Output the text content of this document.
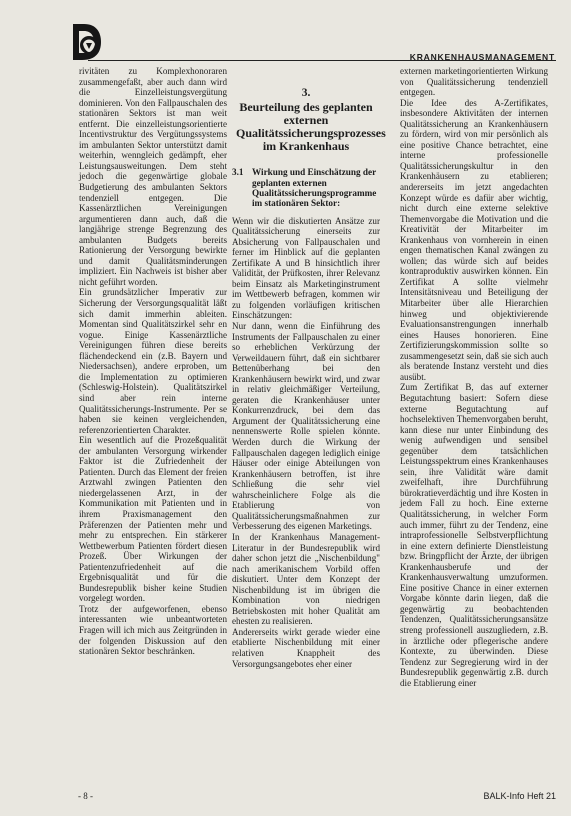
KRANKENHAUSMANAGEMENT

rivitäten zu Komplexhonoraren zusammengefaßt, aber auch dann wird die Einzelleistungsvergütung dominieren. Von den Fallpauschalen des stationären Sektors ist man weit entfernt. Die einzelleistungsorientierte Incentivstruktur des Vergütungssystems im ambulanten Sektor unterstützt damit weiterhin, wenngleich gedämpft, eher Leistungsausweitungen. Dem steht jedoch die gegenwärtige globale Budgetierung des ambulanten Sektors tendenziell entgegen. Die Kassenärztlichen Vereinigungen argumentieren dann auch, daß die langjährige strenge Begrenzung des ambulanten Budgets bereits Rationierung der Versorgung bewirkte und damit Qualitätsminderungen impliziert. Ein Nachweis ist bisher aber nicht geführt worden.

Ein grundsätzlicher Imperativ zur Sicherung der Versorgungsqualität läßt sich damit immerhin ableiten. Momentan sind Qualitätszirkel sehr en vogue. Einige Kassenärztliche Vereinigungen führen diese bereits flächendeckend ein (z.B. Bayern und Niedersachsen), andere erproben, um die Implementation zu optimieren (Schleswig-Holstein). Qualitätszirkel sind aber rein interne Qualitätssicherungs-Instrumente. Per se haben sie keinen vergleichenden, referenzorientierten Charakter.

Ein wesentlich auf die Prozeßqualität der ambulanten Versorgung wirkender Faktor ist die Zufriedenheit der Patienten. Durch das Element der freien Arztwahl zwingen Patienten den niedergelassenen Arzt, in der Kommunikation mit Patienten und in ihrem Praxismanagement den Präferenzen der Patienten mehr und mehr zu entsprechen. Ein stärkerer Wettbewerbum Patienten fördert diesen Prozeß. Über Wirkungen der Patientenzufriedenheit auf die Ergebnisqualität und für die Bundesrepublik bisher keine Studien vorgelegt worden.

Trotz der aufgeworfenen, ebenso interessanten wie unbeantworteten Fragen will ich mich aus Zeitgründen in der folgenden Diskussion auf den stationären Sektor beschränken.

3.
Beurteilung des geplanten externen Qualitätssicherungsprozesses im Krankenhaus
3.1 Wirkung und Einschätzung der geplanten externen Qualitätssicherungsprogramme im stationären Sektor:

Wenn wir die diskutierten Ansätze zur Qualitätssicherung einerseits zur Absicherung von Fallpauschalen und ferner im Hinblick auf die geplanten Zertifikate A und B hinsichtlich ihrer Validität, der Prüfkosten, ihrer Relevanz beim Einsatz als Marketinginstrument im Wettbewerb befragen, kommen wir zu folgenden vorläufigen kritischen Einschätzungen:

Nur dann, wenn die Einführung des Instruments der Fallpauschalen zu einer so erheblichen Verkürzung der Verweildauern führt, daß ein sichtbarer Bettenüberhang bei den Krankenhäusern bewirkt wird, und zwar in relativ gleichmäßiger Verteilung, geraten die Krankenhäuser unter Konkurrenzdruck, bei dem das Argument der Qualitätssicherung eine nennenswerte Rolle spielen könnte. Werden durch die Wirkung der Fallpauschalen dagegen lediglich einige Häuser oder einige Abteilungen von Krankenhäusern betroffen, ist ihre Schließung die sehr viel wahrscheinlichere Folge als die Etablierung von Qualitätssicherungsmaßnahmen zur Verbesserung des eigenen Marketings.

In der Krankenhaus Management-Literatur in der Bundesrepublik wird daher schon jetzt die „Nischenbildung" nach amerikanischem Vorbild offen diskutiert. Unter dem Konzept der Nischenbildung ist im übrigen die Kombination von niedrigen Betriebskosten mit hoher Qualität am ehesten zu realisieren.

Andererseits wirkt gerade wieder eine etablierte Nischenbildung mit einer relativen Knappheit des Versorgungsangebotes eher einer

externen marketingorientierten Wirkung von Qualitätssicherung tendenziell entgegen.

Die Idee des A-Zertifikates, insbesondere Aktivitäten der internen Qualitätssicherung an Krankenhäusern zu fördern, wird von mir persönlich als eine positive Chance betrachtet, eine interne professionelle Qualitätssicherungskultur in den Krankenhäusern zu etablieren; andererseits im jetzt angedachten Konzept würde es dafür aber wichtig, nicht durch eine externe selektive Themenvorgabe die Motivation und die Kreativität der Mitarbeiter im Krankenhaus von vornherein in einen engen thematischen Kanal zwängen zu wollen; das würde sich auf beides kontraproduktiv auswirken können. Ein Zertifikat A sollte vielmehr Intensitätsniveau und Beteiligung der Mitarbeiter über alle Hierarchien hinweg und objektivierende Evaluationsanstrengungen innerhalb eines Hauses honorieren. Eine Zertifizierungskommission sollte so zusammengesetzt sein, daß sie sich auch als beratende Instanz versteht und dies ausübt.

Zum Zertifikat B, das auf externer Begutachtung basiert: Sofern diese externe Begutachtung auf hochselektiven Themenvorgaben beruht, kann diese nur unter Einbindung des wenig aufwendigen und sensibel gegenüber dem tatsächlichen Leistungsspektrum eines Krankenhauses sein, ihre Validität wäre damit zweifelhaft, ihre Durchführung bürokratieverdächtig und ihre Kosten in jedem Fall zu hoch. Eine externe Qualitätssicherung, in welcher Form auch immer, führt zu der Tendenz, eine intraprofessionelle Selbstverpflichtung in eine extern definierte Dienstleistung bzw. Bringpflicht der Ärzte, der übrigen Krankenhausberufe und der Krankenhausverwaltung umzuformen. Eine positive Chance in einer externen Vorgabe könnte darin liegen, daß die gegenwärtig zu beobachtenden Tendenzen, Qualitätssicherungsansätze streng professionell auszugliedern, z.B. in ärztliche oder pflegerische andere Kontexte, zu überwinden. Diese Tendenz zur Segregierung wird in der Bundesrepublik gegenwärtig z.B. durch die Etablierung einer

- 8 -	BALK-Info Heft 21
